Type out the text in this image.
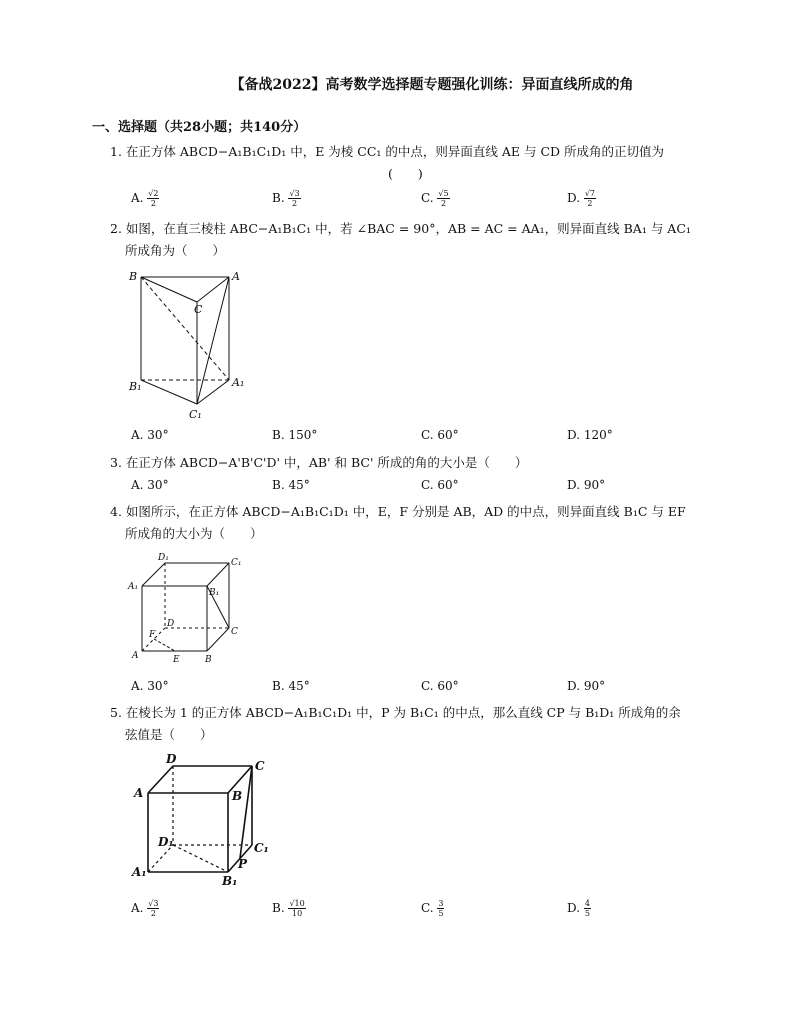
【备战2022】高考数学选择题专题强化训练：异面直线所成的角
一、选择题（共28小题；共140分）
1. 在正方体 ABCD−A₁B₁C₁D₁ 中，E 为棱 CC₁ 的中点，则异面直线 AE 与 CD 所成角的正切值为
(　　)
A. $\frac{√2}{2}$	B. $\frac{√3}{2}$	C. $\frac{√5}{2}$	D. $\frac{√7}{2}$
2. 如图，在直三棱柱 ABC−A₁B₁C₁ 中，若 ∠BAC = 90°，AB = AC = AA₁，则异面直线 BA₁ 与 AC₁
所成角为（　　）
B	A
C
B₁	A₁
C₁
A. 30°	B. 150°	C. 60°	D. 120°
3. 在正方体 ABCD−A'B'C'D' 中，AB' 和 BC' 所成的角的大小是（　　）
A. 30°	B. 45°	C. 60°	D. 90°
4. 如图所示，在正方体 ABCD−A₁B₁C₁D₁ 中，E，F 分别是 AB，AD 的中点，则异面直线 B₁C 与 EF
所成角的大小为（　　）
D₁	C₁
A₁
B₁
D
C
F
A	E	B
A. 30°	B. 45°	C. 60°	D. 90°
5. 在棱长为 1 的正方体 ABCD−A₁B₁C₁D₁ 中，P 为 B₁C₁ 的中点，那么直线 CP 与 B₁D₁ 所成角的余
弦值是（　　）
D	C
A	B
D₁	C₁
P
A₁
B₁
A. $\frac{√3}{2}$	B. $\frac{√10}{10}$	C. $\frac{3}{5}$	D. $\frac{4}{5}$
